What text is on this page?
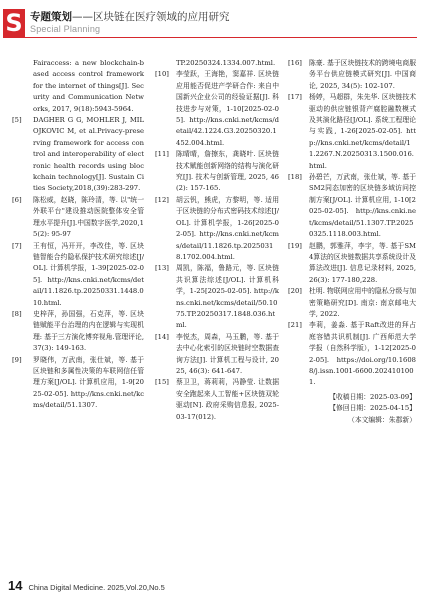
S 专题策划——区块链在医疗领域的应用研究
Special Planning
Fairaccess: a new blockchain-based access control framework for the internet of things[J]. Security and Communication Networks, 2017, 9(18):5943-5964.
[5]	DAGHER G G, MOHLER J, MILOJKOVIC M, et al.Privacy-preserving framework for access control and interoperability of electronic health records using blockchain technology[J]. Sustain Cities Society,2018,(39):283-297.
[6]	陈松威，赵晓，陈玲清，等. 以"统一外联平台"建设推动医院整体安全管理水平提升[J].中国数字医学,2020,15(2): 95-97
[7]	王有恒，冯开开，李改佳，等. 区块链智能合约隐私保护技术研究综述[J/OL]. 计算机学报，1-39[2025-02-05]. http://kns.cnki.net/kcms/detail/11.1826.tp.20250331.1448.010.html.
[8]	史梓萍，孙国强，石克萍，等. 区块链赋能平台治理的内在逻辑与实现机理: 基于三方演化博弈视角.管理评论, 37(3): 149-163.
[9]	罗晓伟，万武南，张仕斌，等. 基于区块链和多属性决策的车联网信任管理方案[J/OL]. 计算机应用，1-9[2025-02-05]. http://kns.cnki.net/kcms/detail/51.1307.
TP.20250324.1334.007.html.
[10]	李莹跃，王海艳，窦嘉祥. 区块链应用能否促进产学研合作: 来自中国新兴企业公司的经验证据[J]. 科技进步与对策，1-10[2025-02-05]. http://kns.cnki.net/kcms/detail/42.1224.G3.20250320.1452.004.html.
[11]	陈晴晴，詹擦东，龚晓叶. 区块链技术赋能创新网络的结构与演化研究[J]. 技术与创新管理, 2025, 46(2): 157-165.
[12]	胡云钒，熊虎，方黎明，等. 适用于区块链的分布式密码技术综述[J/OL]. 计算机学报，1-26[2025-02-05]. http://kns.cnki.net/kcms/detail/11.1826.tp.20250318.1702.004.html.
[13]	周凯，陈福，鲁路元，等. 区块链共识算法综述[J/OL]. 计算机科学，1-25[2025-02-05]. http://kns.cnki.net/kcms/detail/50.1075.TP.20250317.1848.036.html.
[14]	李悦杰，周森，马玉鹏，等. 基于去中心化索引的区块链时空数据查询方法[J]. 计算机工程与设计, 2025, 46(3): 641-647.
[15]	蔡卫卫，蒋莉莉，冯静莹. 让数据安全跑起来人工智能+区块链双轮驱动[N]. 政府采购信息报, 2025-03-17(012).
[16]	陈豪. 基于区块链技术的跨境电商服务平台供应链模式研究[J]. 中国商论, 2025, 34(5): 102-107.
[17]	杨婷，马超群，朱先华. 区块链技术驱动的供应链银背产腐腔融数模式及其演化路径[J/OL]. 系统工程理论与实践, 1-26[2025-02-05]. http://kns.cnki.net/kcms/detail/11.2267.N.20250313.1500.016.html.
[18]	孙碧芒，万武南，张仕斌，等. 基于SM2同态加密的区块链多域访问控制方案[J/OL]. 计算机应用, 1-10[2025-02-05]. http://kns.cnki.net/kcms/detail/51.1307.TP.20250325.1118.003.html.
[19]	赵鹏，郭雅萍，李宇，等. 基于SM4算法的区块链数据共享系统设计及算法改进[J]. 信息记录材料, 2025, 26(3): 177-180,228.
[20]	杜明. 物联网应用中的隐私分级与加密策略研究[D]. 南京: 南京邮电大学, 2022.
[21]	李莉，姜淼. 基于Raft改进的拜占庭容错共识机制[J]. 广西师范大学学报（自然科学版），1-12[2025-02-05]. https://doi.org/10.16088/j.issn.1001-6600.2024101001.
【收稿日期：2025-03-09】
【修回日期：2025-04-15】
（本文编辑：朱郡新）
14 China Digital Medicine. 2025,Vol.20,No.5
